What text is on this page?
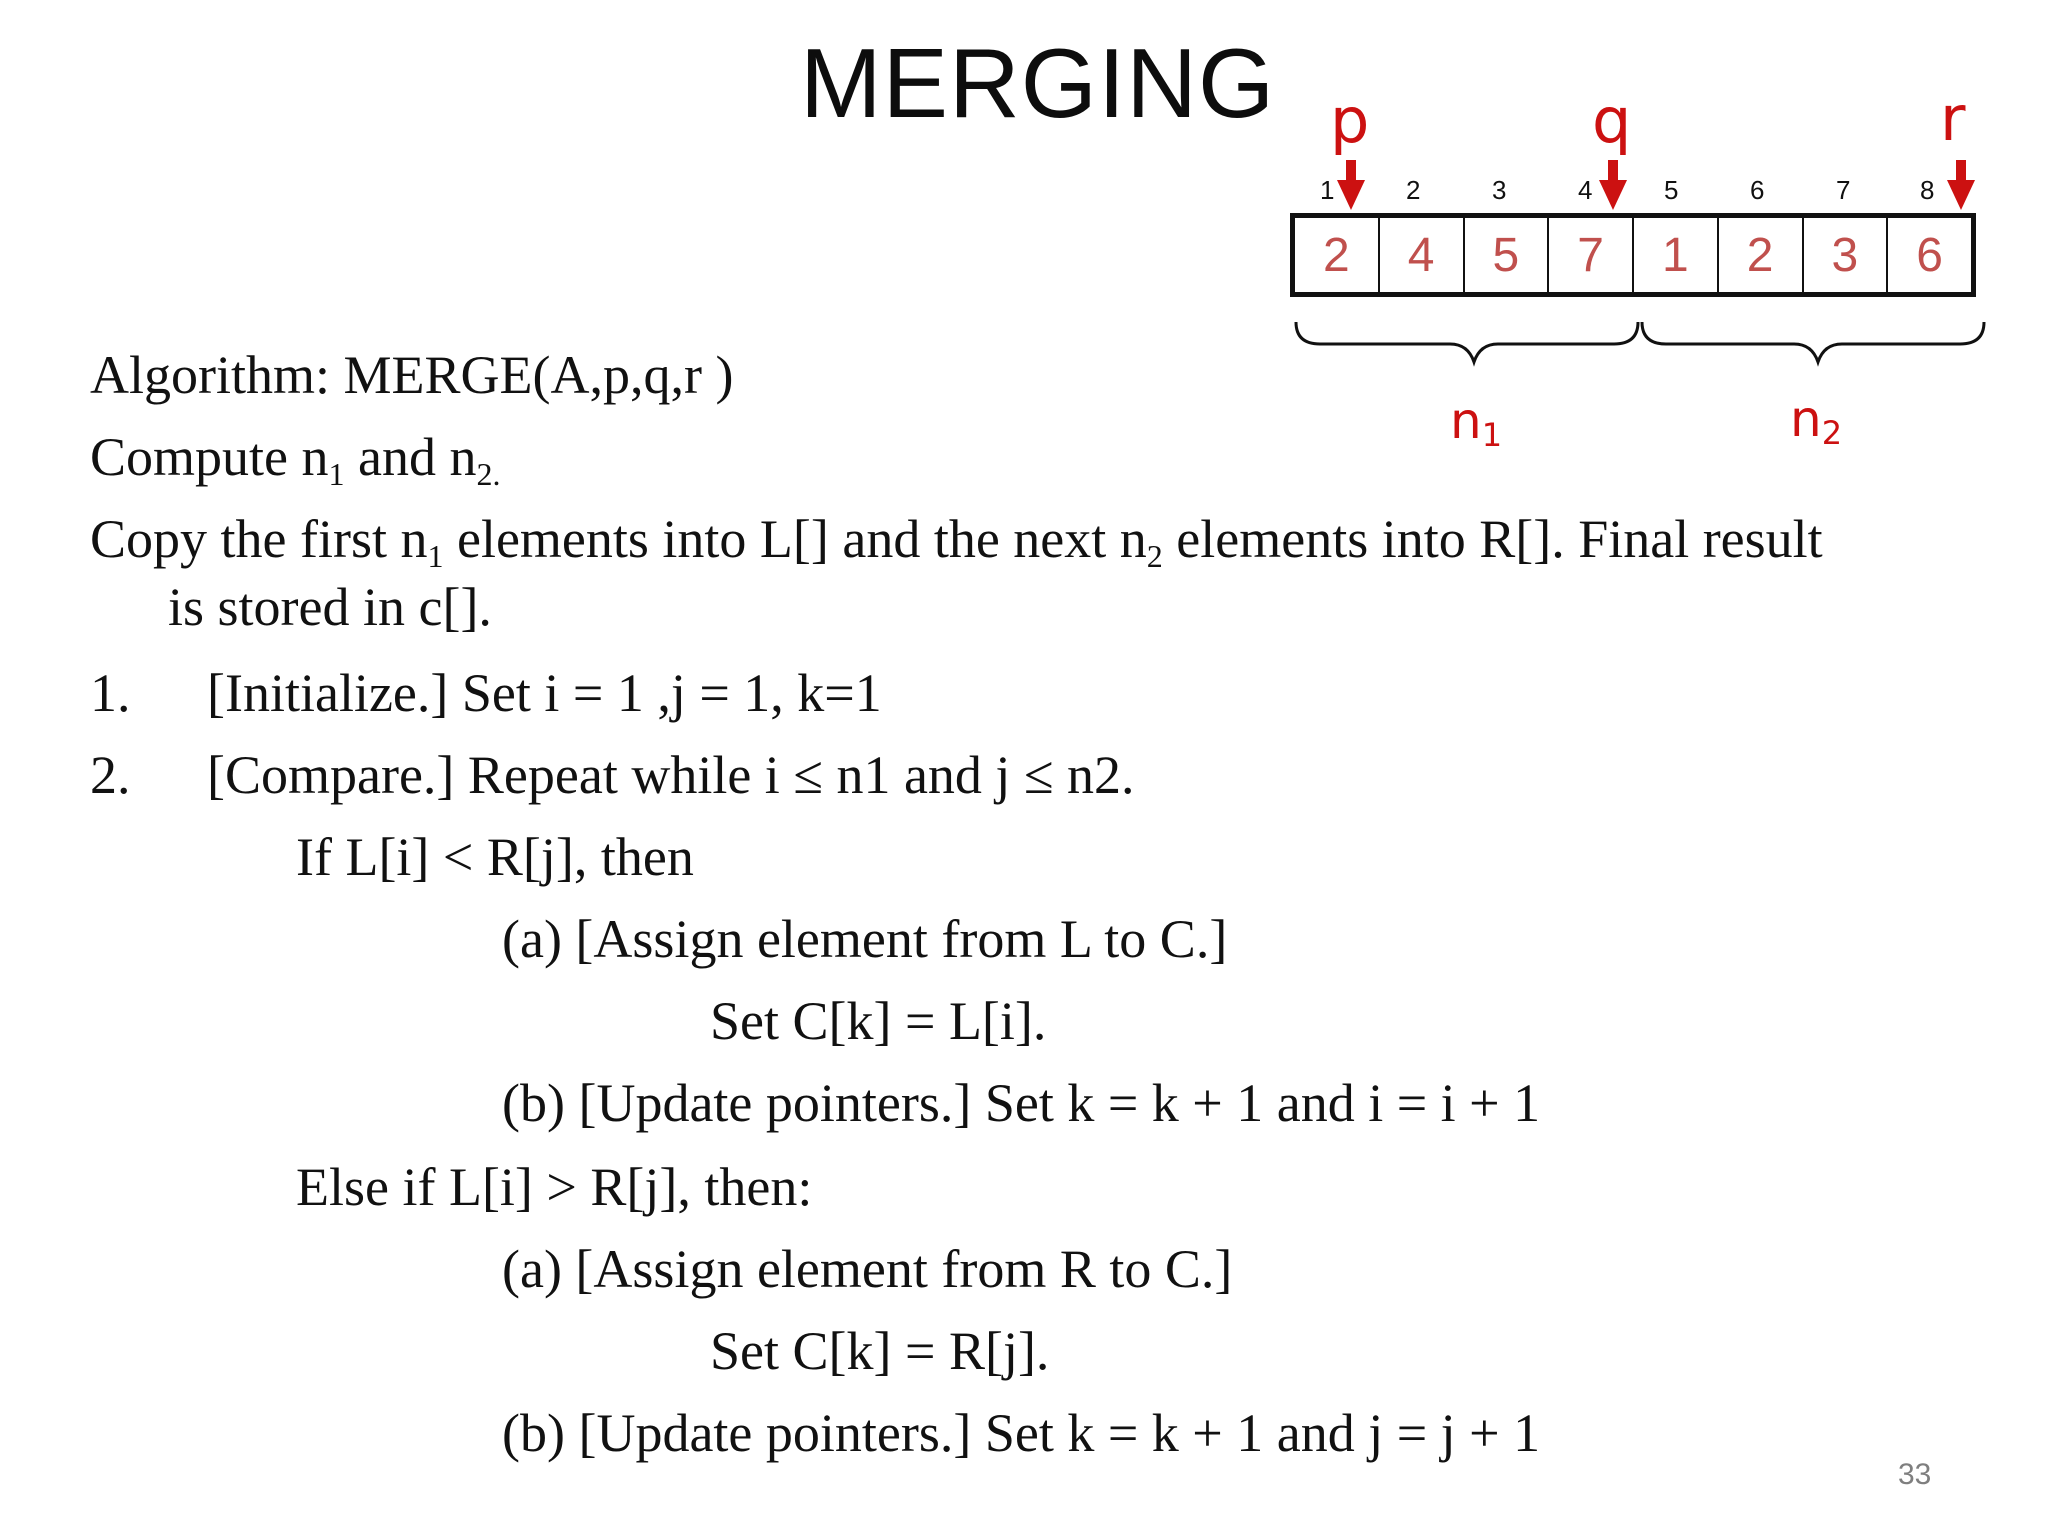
MERGING p	q	r
1	2	3	4	5	6	7	8
2	4	5	7	1	2	3	6
$n_1$	$n_2$
Algorithm: MERGE(A,p,q,r )
Compute $n_1$ and $n_{2.}$
Copy the first $n_1$ elements into L[] and the next $n_2$ elements into R[]. Final result
is stored in c[].
1. [Initialize.] Set i = 1 ,j = 1, k=1
2. [Compare.] Repeat while i ≤ n1 and j ≤ n2.
If L[i] < R[j], then
(a) [Assign element from L to C.]
Set C[k] = L[i].
(b) [Update pointers.] Set k = k + 1 and i = i + 1
Else if L[i] > R[j], then:
(a) [Assign element from R to C.]
Set C[k] = R[j].
(b) [Update pointers.] Set k = k + 1 and j = j + 1
33
